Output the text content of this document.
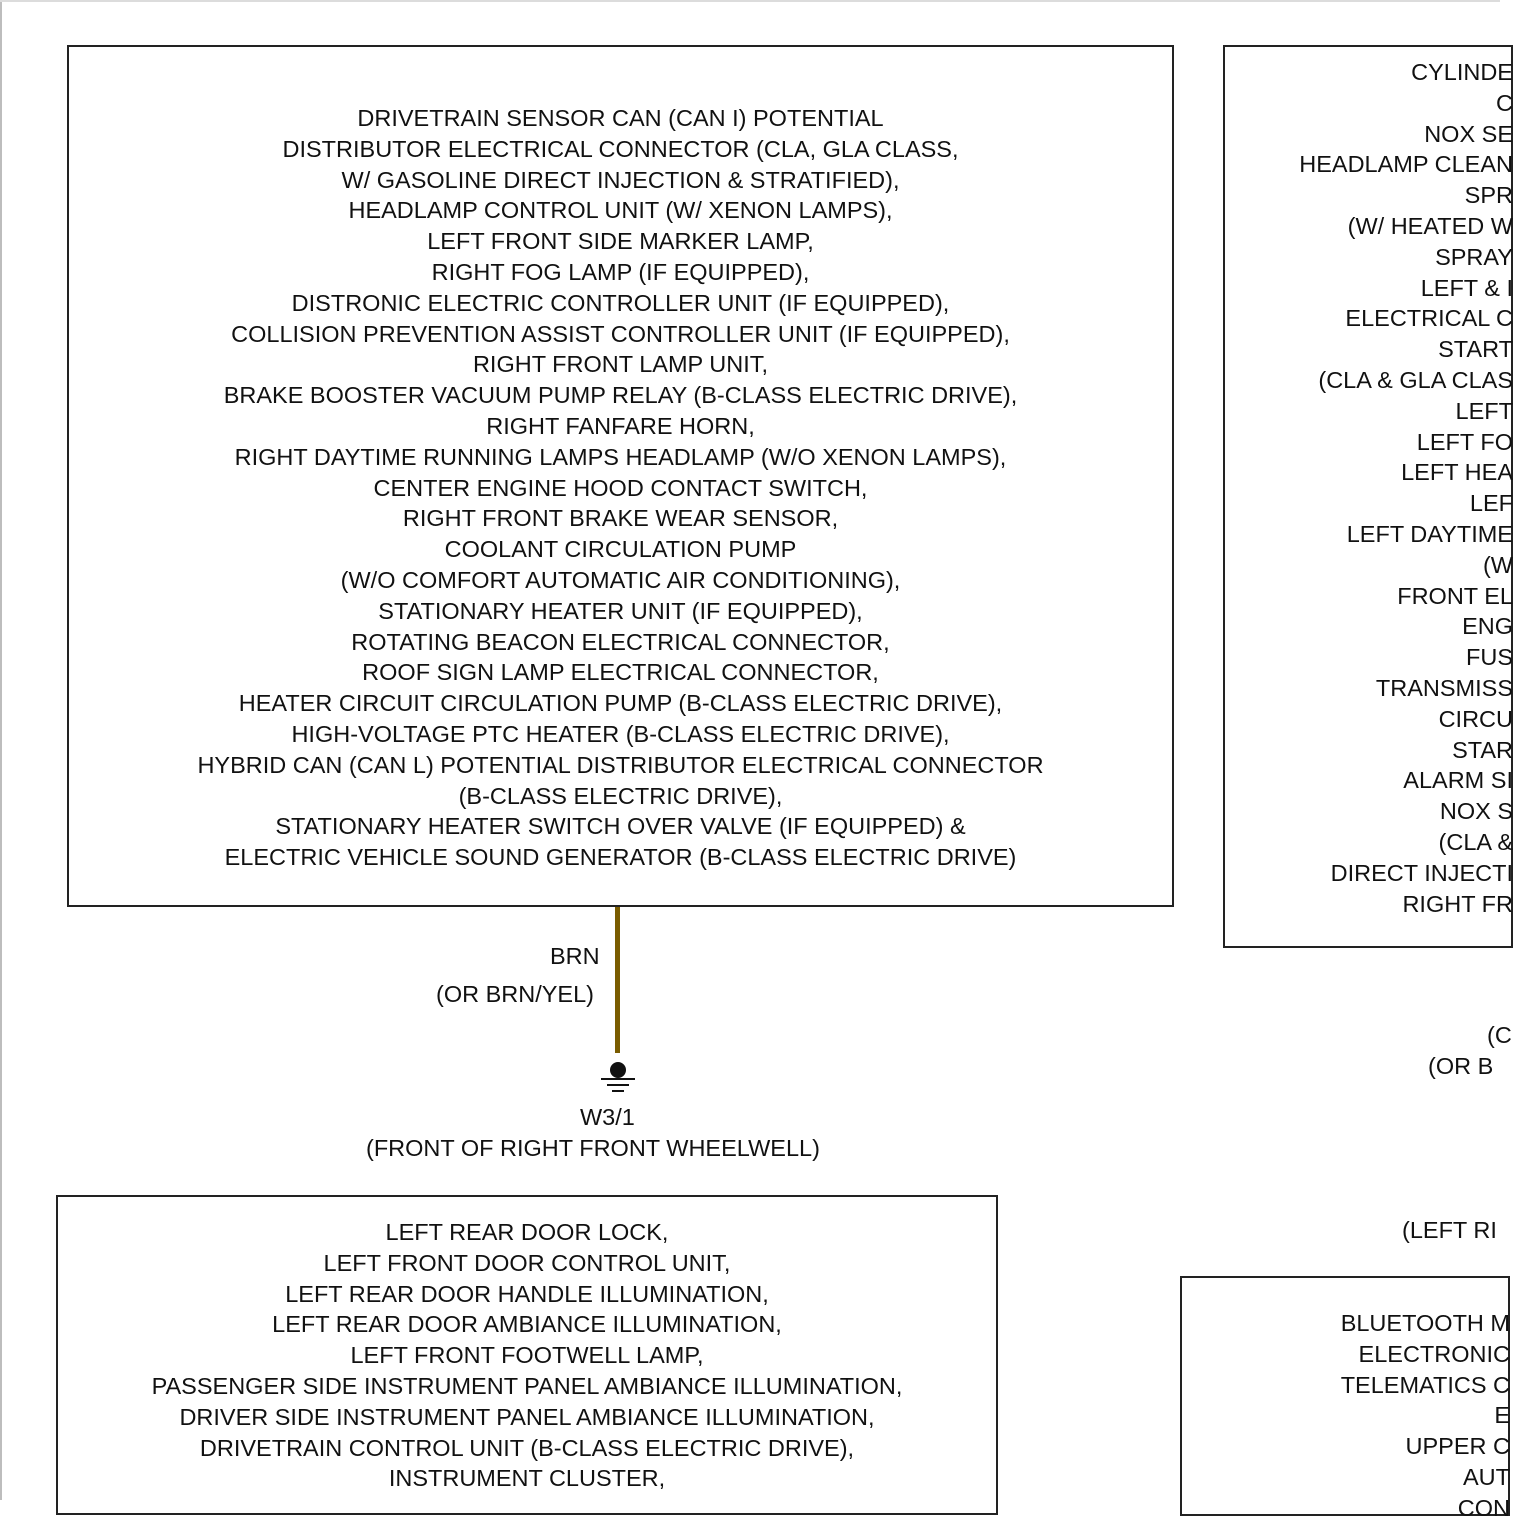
DRIVETRAIN SENSOR CAN (CAN I) POTENTIAL
DISTRIBUTOR ELECTRICAL CONNECTOR (CLA, GLA CLASS,
W/ GASOLINE DIRECT INJECTION & STRATIFIED),
HEADLAMP CONTROL UNIT (W/ XENON LAMPS),
LEFT FRONT SIDE MARKER LAMP,
RIGHT FOG LAMP (IF EQUIPPED),
DISTRONIC ELECTRIC CONTROLLER UNIT (IF EQUIPPED),
COLLISION PREVENTION ASSIST CONTROLLER UNIT (IF EQUIPPED),
RIGHT FRONT LAMP UNIT,
BRAKE BOOSTER VACUUM PUMP RELAY (B-CLASS ELECTRIC DRIVE),
RIGHT FANFARE HORN,
RIGHT DAYTIME RUNNING LAMPS HEADLAMP (W/O XENON LAMPS),
CENTER ENGINE HOOD CONTACT SWITCH,
RIGHT FRONT BRAKE WEAR SENSOR,
COOLANT CIRCULATION PUMP
(W/O COMFORT AUTOMATIC AIR CONDITIONING),
STATIONARY HEATER UNIT (IF EQUIPPED),
ROTATING BEACON ELECTRICAL CONNECTOR,
ROOF SIGN LAMP ELECTRICAL CONNECTOR,
HEATER CIRCUIT CIRCULATION PUMP (B-CLASS ELECTRIC DRIVE),
HIGH-VOLTAGE PTC HEATER (B-CLASS ELECTRIC DRIVE),
HYBRID CAN (CAN L) POTENTIAL DISTRIBUTOR ELECTRICAL CONNECTOR
(B-CLASS ELECTRIC DRIVE),
STATIONARY HEATER SWITCH OVER VALVE (IF EQUIPPED) &
ELECTRIC VEHICLE SOUND GENERATOR (B-CLASS ELECTRIC DRIVE)
BRN
(OR BRN/YEL)
W3/1
(FRONT OF RIGHT FRONT WHEELWELL)
CYLINDE
C
NOX SE
HEADLAMP CLEAN
SPR
(W/ HEATED W
SPRAY
LEFT & I
ELECTRICAL C
START
(CLA & GLA CLAS
LEFT
LEFT FO
LEFT HEA
LEF
LEFT DAYTIME
(W
FRONT EL
ENG
FUS
TRANSMISS
CIRCU
STAR
ALARM SI
NOX S
(CLA &
DIRECT INJECTI
RIGHT FR
(C
(OR B
(LEFT RI
LEFT REAR DOOR LOCK,
LEFT FRONT DOOR CONTROL UNIT,
LEFT REAR DOOR HANDLE ILLUMINATION,
LEFT REAR DOOR AMBIANCE ILLUMINATION,
LEFT FRONT FOOTWELL LAMP,
PASSENGER SIDE INSTRUMENT PANEL AMBIANCE ILLUMINATION,
DRIVER SIDE INSTRUMENT PANEL AMBIANCE ILLUMINATION,
DRIVETRAIN CONTROL UNIT (B-CLASS ELECTRIC DRIVE),
INSTRUMENT CLUSTER,
BLUETOOTH M
ELECTRONIC
TELEMATICS C
E
UPPER C
AUT
CON
